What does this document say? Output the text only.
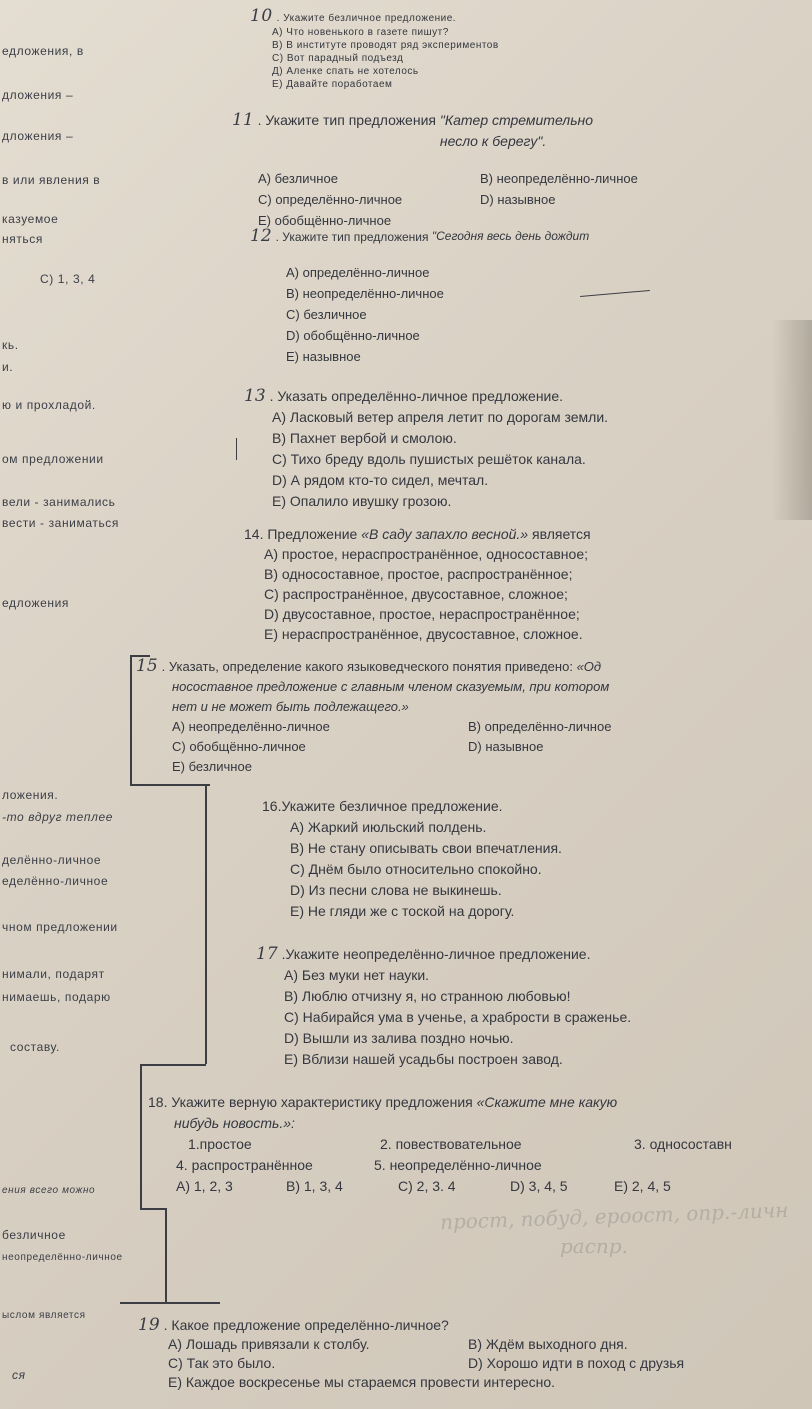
едложения, в
дложения –
дложения –
в или явления в
казуемое
няться
C) 1, 3, 4
кь.
и.
ю и прохладой.
ом предложении
вели - занимались
вести - заниматься
едложения
ложения.
-то вдруг теплее
делённо-личное
еделённо-личное
чном предложении
нимали, подарят
нимаешь, подарю
составу.
ения всего можно
безличное
неопределённо-личное
ыслом является
ся
10 . Укажите безличное предложение.
А) Что новенького в газете пишут?
В) В институте проводят ряд экспериментов
С) Вот парадный подъезд
Д) Аленке спать не хотелось
Е) Давайте поработаем
11 . Укажите тип предложения "Катер стремительно несло к берегу".
А) безличное	В) неопределённо-личное
С) определённо-личное	D) назывное
Е) обобщённо-личное
12 . Укажите тип предложения "Сегодня весь день дождит
А) определённо-личное
В) неопределённо-личное
С) безличное
D) обобщённо-личное
Е) назывное
13 . Указать определённо-личное предложение.
А) Ласковый ветер апреля летит по дорогам земли.
В) Пахнет вербой и смолою.
С) Тихо бреду вдоль пушистых решёток канала.
D) А рядом кто-то сидел, мечтал.
Е) Опалило ивушку грозою.
14. Предложение «В саду запахло весной.» является
А) простое, нераспространённое, односоставное;
В) односоставное, простое, распространённое;
С) распространённое, двусоставное, сложное;
D) двусоставное, простое, нераспространённое;
Е) нераспространённое, двусоставное, сложное.
15 . Указать, определение какого языковедческого понятия приведено: «Од
носоставное предложение с главным членом сказуемым, при котором
нет и не может быть подлежащего.»
А) неопределённо-личное	В) определённо-личное
С) обобщённо-личное	D) назывное
Е) безличное
16.Укажите безличное предложение.
А) Жаркий июльский полдень.
В) Не стану описывать свои впечатления.
С) Днём было относительно спокойно.
D) Из песни слова не выкинешь.
Е) Не гляди же с тоской на дорогу.
17 .Укажите неопределённо-личное предложение.
А) Без муки нет науки.
В) Люблю отчизну я, но странною любовью!
С) Набирайся ума в ученье, а храбрости в сраженье.
D) Вышли из залива поздно ночью.
Е) Вблизи нашей усадьбы построен завод.
18. Укажите верную характеристику предложения «Скажите мне какую
нибудь новость.»:
1.простое	2. повествовательное	3. односоставн
4. распространённое	5. неопределённо-личное
А) 1, 2, 3	В) 1, 3, 4	С) 2, 3. 4	D) 3, 4, 5	Е) 2, 4, 5
прост, побуд, ероост, опр.-личн
распр.
19 . Какое предложение определённо-личное?
А) Лошадь привязали к столбу.	В) Ждём выходного дня.
С) Так это было.	D) Хорошо идти в поход с друзья
Е) Каждое воскресенье мы стараемся провести интересно.
